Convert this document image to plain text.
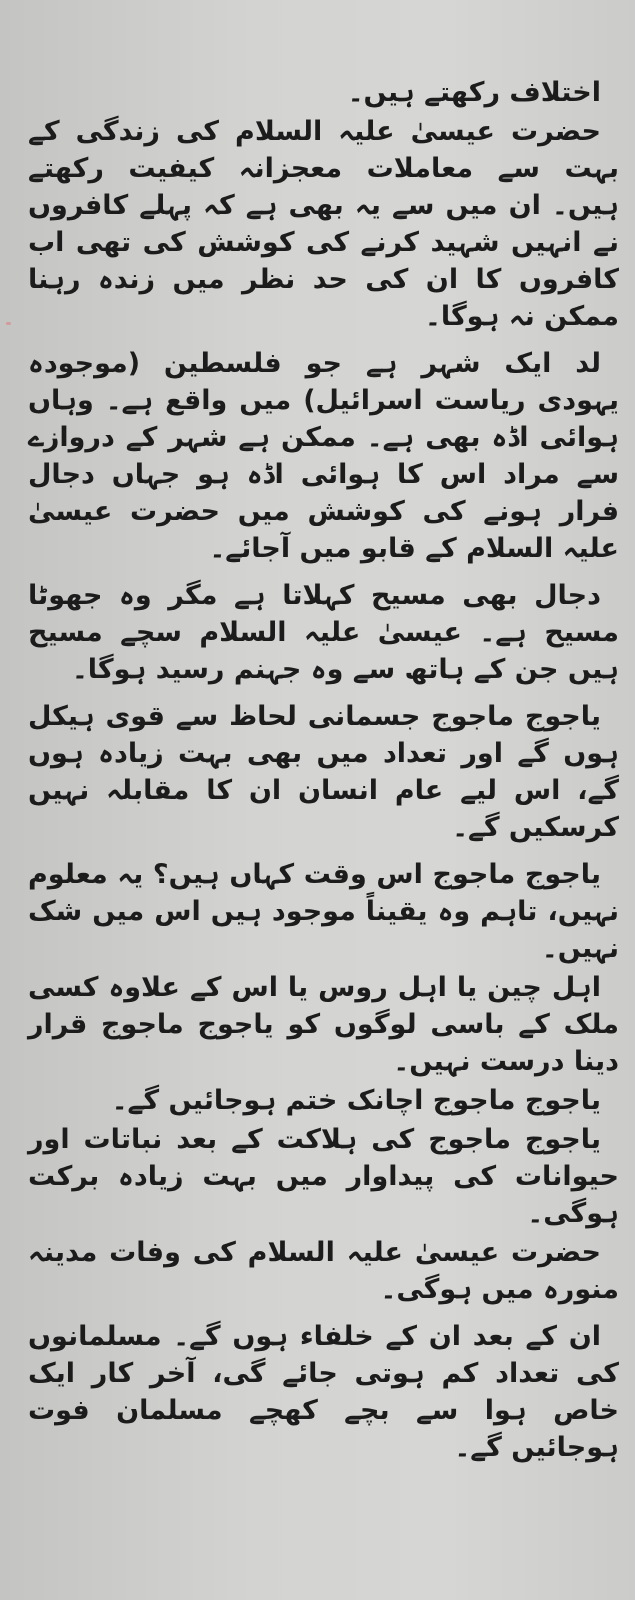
اختلاف رکھتے ہیں۔

حضرت عیسیٰ علیہ السلام کی زندگی کے بہت سے معاملات معجزانہ کیفیت رکھتے ہیں۔ ان میں سے یہ بھی ہے کہ پہلے کافروں نے انہیں شہید کرنے کی کوشش کی تھی اب کافروں کا ان کی حد نظر میں زندہ رہنا ممکن نہ ہوگا۔

لد ایک شہر ہے جو فلسطین (موجودہ یہودی ریاست اسرائیل) میں واقع ہے۔ وہاں ہوائی اڈہ بھی ہے۔ ممکن ہے شہر کے دروازے سے مراد اس کا ہوائی اڈہ ہو جہاں دجال فرار ہونے کی کوشش میں حضرت عیسیٰ علیہ السلام کے قابو میں آجائے۔

دجال بھی مسیح کہلاتا ہے مگر وہ جھوٹا مسیح ہے۔ عیسیٰ علیہ السلام سچے مسیح ہیں جن کے ہاتھ سے وہ جہنم رسید ہوگا۔

یاجوج ماجوج جسمانی لحاظ سے قوی ہیکل ہوں گے اور تعداد میں بھی بہت زیادہ ہوں گے، اس لیے عام انسان ان کا مقابلہ نہیں کرسکیں گے۔

یاجوج ماجوج اس وقت کہاں ہیں؟ یہ معلوم نہیں، تاہم وہ یقیناً موجود ہیں اس میں شک نہیں۔

اہل چین یا اہل روس یا اس کے علاوہ کسی ملک کے باسی لوگوں کو یاجوج ماجوج قرار دینا درست نہیں۔

یاجوج ماجوج اچانک ختم ہوجائیں گے۔

یاجوج ماجوج کی ہلاکت کے بعد نباتات اور حیوانات کی پیداوار میں بہت زیادہ برکت ہوگی۔

حضرت عیسیٰ علیہ السلام کی وفات مدینہ منورہ میں ہوگی۔

ان کے بعد ان کے خلفاء ہوں گے۔ مسلمانوں کی تعداد کم ہوتی جائے گی، آخر کار ایک خاص ہوا سے بچے کھچے مسلمان فوت ہوجائیں گے۔
